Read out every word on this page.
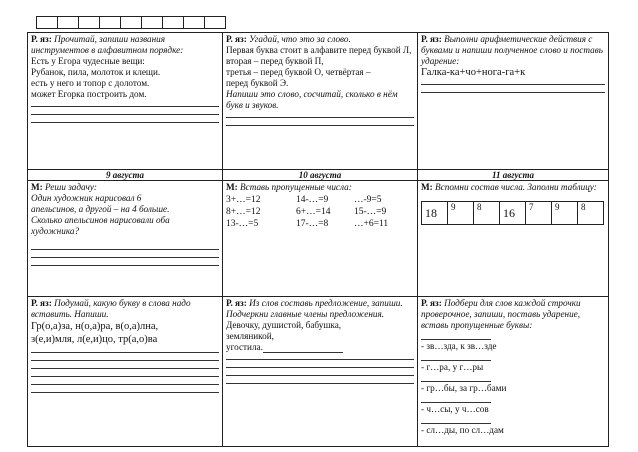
Р. яз: Прочитай, запиши названия инструментов в алфавитном порядке:
Есть у Егора чудесные вещи:
Рубанок, пила, молоток и клещи.
есть у него и топор с долотом.
может Егорка построить дом.

Р. яз: Угадай, что это за слово.
Первая буква стоит в алфавите перед буквой Л, вторая – перед буквой П,
третья – перед буквой О, четвёртая –
перед буквой Э.
Напиши это слово, сосчитай, сколько в нём букв и звуков.

Р. яз: Выполни арифметические действия с буквами и напиши полученное слово и поставь ударение:
Галка-ка+чо+нога-га+к

9 августа	10 августа	11 августа

М: Реши задачу:
Один художник нарисовал 6
апельсинов, а другой – на 4 больше.
Сколько апельсинов нарисовали оба
художника?

М: Вставь пропущенные числа:
3+…=12	14-…=9	…-9=5
8+…=12	6+…=14	15-…=9
13-…=5	17-…=8	…+6=11

М: Вспомни состав числа. Заполни таблицу:
18	9	8	16	7	9	8

Р. яз: Подумай, какую букву в слова надо вставить. Напиши.
Гр(о,а)за, н(о,а)ра, в(о,а)лна,
з(е,и)мля, л(е,и)цо, тр(а,о)ва

Р. яз: Из слов составь предложение, запиши. Подчеркни главные члены предложения.
Девочку, душистой, бабушка,
земляникой,
угостила.

Р. яз: Подбери для слов каждой строчки проверочное, запиши, поставь ударение, вставь пропущенные буквы:
- зв…зда, к зв…зде
- г…ра, у г…ры
- гр…бы, за гр…бами
- ч…сы, у ч…сов
- сл…ды, по сл…дам
